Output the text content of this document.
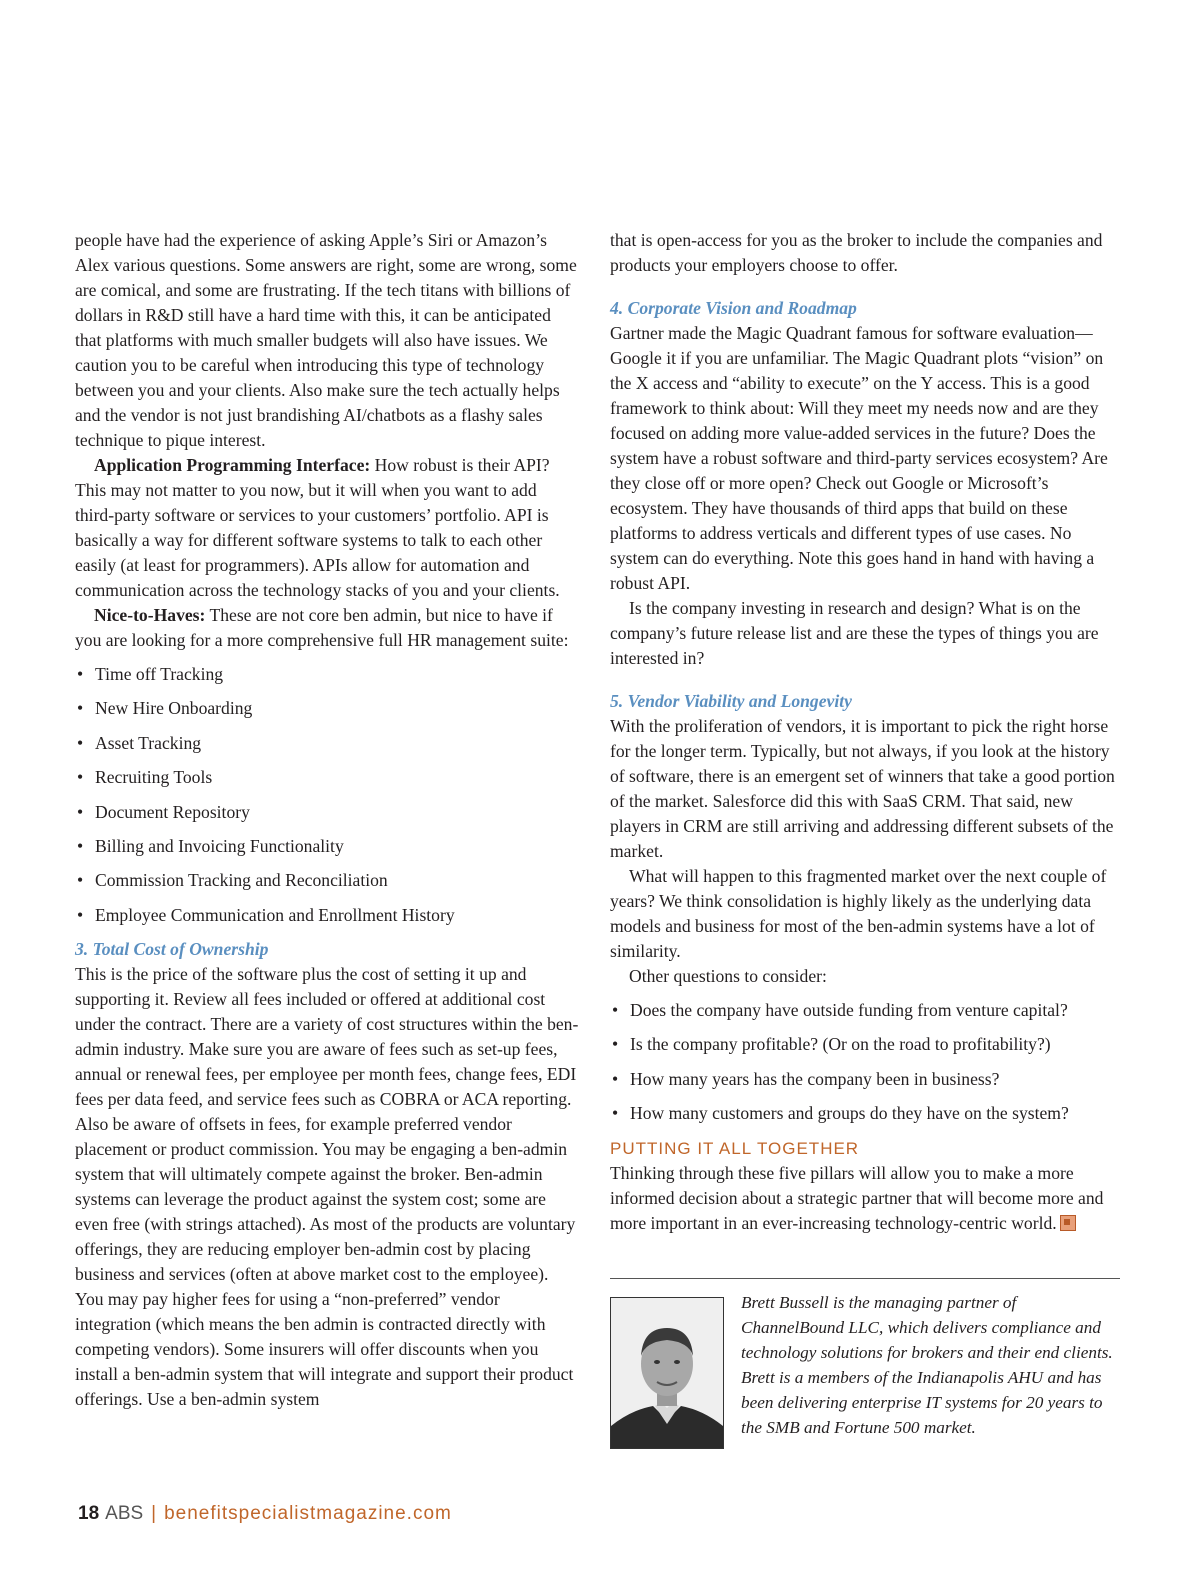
people have had the experience of asking Apple’s Siri or Amazon’s Alex various questions. Some answers are right, some are wrong, some are comical, and some are frustrating. If the tech titans with billions of dollars in R&D still have a hard time with this, it can be anticipated that platforms with much smaller budgets will also have issues. We caution you to be careful when introducing this type of technology between you and your clients. Also make sure the tech actually helps and the vendor is not just brandishing AI/chatbots as a flashy sales technique to pique interest.

Application Programming Interface: How robust is their API? This may not matter to you now, but it will when you want to add third-party software or services to your customers’ portfolio. API is basically a way for different software systems to talk to each other easily (at least for programmers). APIs allow for automation and communication across the technology stacks of you and your clients.

Nice-to-Haves: These are not core ben admin, but nice to have if you are looking for a more comprehensive full HR management suite:

• Time off Tracking
• New Hire Onboarding
• Asset Tracking
• Recruiting Tools
• Document Repository
• Billing and Invoicing Functionality
• Commission Tracking and Reconciliation
• Employee Communication and Enrollment History

3. Total Cost of Ownership

This is the price of the software plus the cost of setting it up and supporting it. Review all fees included or offered at additional cost under the contract. There are a variety of cost structures within the ben-admin industry. Make sure you are aware of fees such as set-up fees, annual or renewal fees, per employee per month fees, change fees, EDI fees per data feed, and service fees such as COBRA or ACA reporting. Also be aware of offsets in fees, for example preferred vendor placement or product commission. You may be engaging a ben-admin system that will ultimately compete against the broker. Ben-admin systems can leverage the product against the system cost; some are even free (with strings attached). As most of the products are voluntary offerings, they are reducing employer ben-admin cost by placing business and services (often at above market cost to the employee). You may pay higher fees for using a “non-preferred” vendor integration (which means the ben admin is contracted directly with competing vendors). Some insurers will offer discounts when you install a ben-admin system that will integrate and support their product offerings. Use a ben-admin system

that is open-access for you as the broker to include the companies and products your employers choose to offer.

4. Corporate Vision and Roadmap

Gartner made the Magic Quadrant famous for software evaluation—Google it if you are unfamiliar. The Magic Quadrant plots “vision” on the X access and “ability to execute” on the Y access. This is a good framework to think about: Will they meet my needs now and are they focused on adding more value-added services in the future? Does the system have a robust software and third-party services ecosystem? Are they close off or more open? Check out Google or Microsoft’s ecosystem. They have thousands of third apps that build on these platforms to address verticals and different types of use cases. No system can do everything. Note this goes hand in hand with having a robust API.

Is the company investing in research and design? What is on the company’s future release list and are these the types of things you are interested in?

5. Vendor Viability and Longevity

With the proliferation of vendors, it is important to pick the right horse for the longer term. Typically, but not always, if you look at the history of software, there is an emergent set of winners that take a good portion of the market. Salesforce did this with SaaS CRM. That said, new players in CRM are still arriving and addressing different subsets of the market.

What will happen to this fragmented market over the next couple of years? We think consolidation is highly likely as the underlying data models and business for most of the ben-admin systems have a lot of similarity.

Other questions to consider:

• Does the company have outside funding from venture capital?
• Is the company profitable? (Or on the road to profitability?)
• How many years has the company been in business?
• How many customers and groups do they have on the system?

PUTTING IT ALL TOGETHER

Thinking through these five pillars will allow you to make a more informed decision about a strategic partner that will become more and more important in an ever-increasing technology-centric world.

Brett Bussell is the managing partner of ChannelBound LLC, which delivers compliance and technology solutions for brokers and their end clients. Brett is a members of the Indianapolis AHU and has been delivering enterprise IT systems for 20 years to the SMB and Fortune 500 market.

18 ABS | benefitspecialistmagazine.com
